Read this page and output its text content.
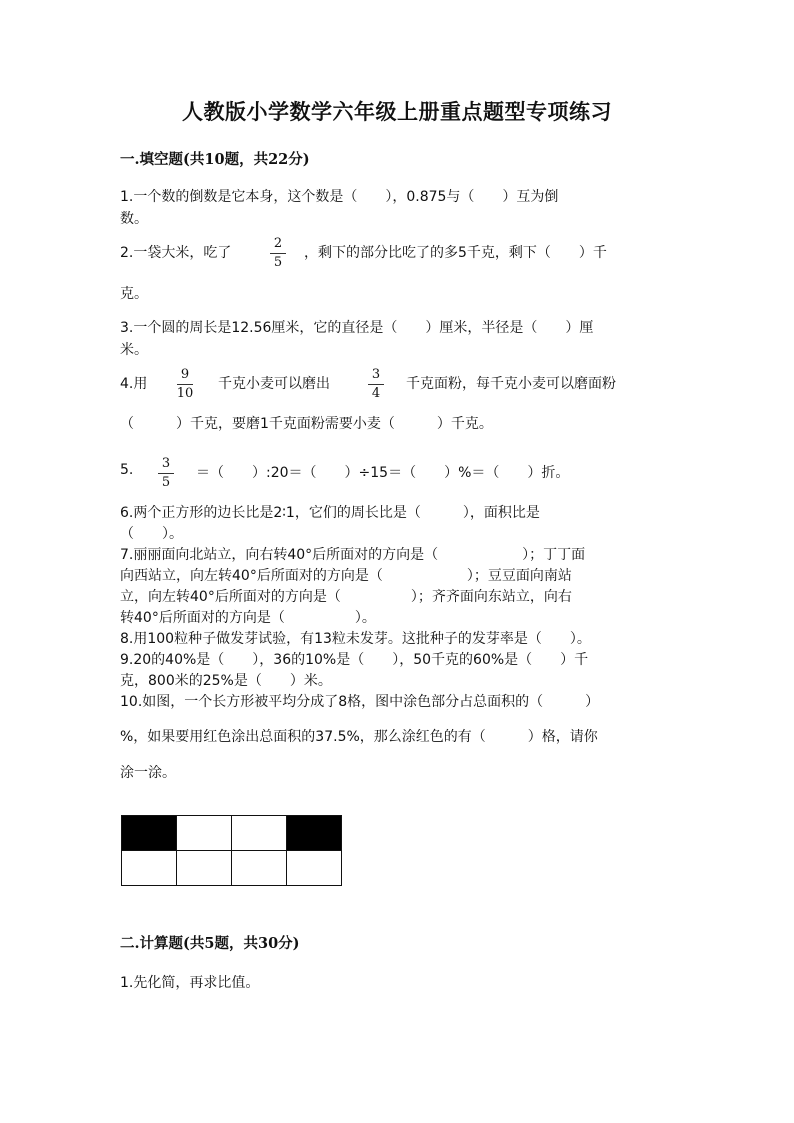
人教版小学数学六年级上册重点题型专项练习
一.填空题(共10题，共22分)
1.一个数的倒数是它本身，这个数是（　　），0.875与（　　）互为倒
数。
2.一袋大米，吃了
2
5
，剩下的部分比吃了的多5千克，剩下（　　）千
克。
3.一个圆的周长是12.56厘米，它的直径是（　　）厘米，半径是（　　）厘
米。
4.用
9
10
千克小麦可以磨出
3
4
千克面粉，每千克小麦可以磨面粉
（　　　）千克，要磨1千克面粉需要小麦（　　　）千克。
5.	3
5
＝（　　）:20＝（　　）÷15＝（　　）%＝（　　）折。
6.两个正方形的边长比是2∶1，它们的周长比是（　　　），面积比是
（　　）。
7.丽丽面向北站立，向右转40°后所面对的方向是（　　　　　　）；丁丁面
向西站立，向左转40°后所面对的方向是（　　　　　　）；豆豆面向南站
立，向左转40°后所面对的方向是（　　　　　）；齐齐面向东站立，向右
转40°后所面对的方向是（　　　　　）。
8.用100粒种子做发芽试验，有13粒未发芽。这批种子的发芽率是（　　）。
9.20的40%是（　　），36的10%是（　　），50千克的60%是（　　）千
克，800米的25%是（　　）米。
10.如图，一个长方形被平均分成了8格，图中涂色部分占总面积的（　　　）
%，如果要用红色涂出总面积的37.5%，那么涂红色的有（　　　）格，请你
涂一涂。

二.计算题(共5题，共30分)
1.先化简，再求比值。
